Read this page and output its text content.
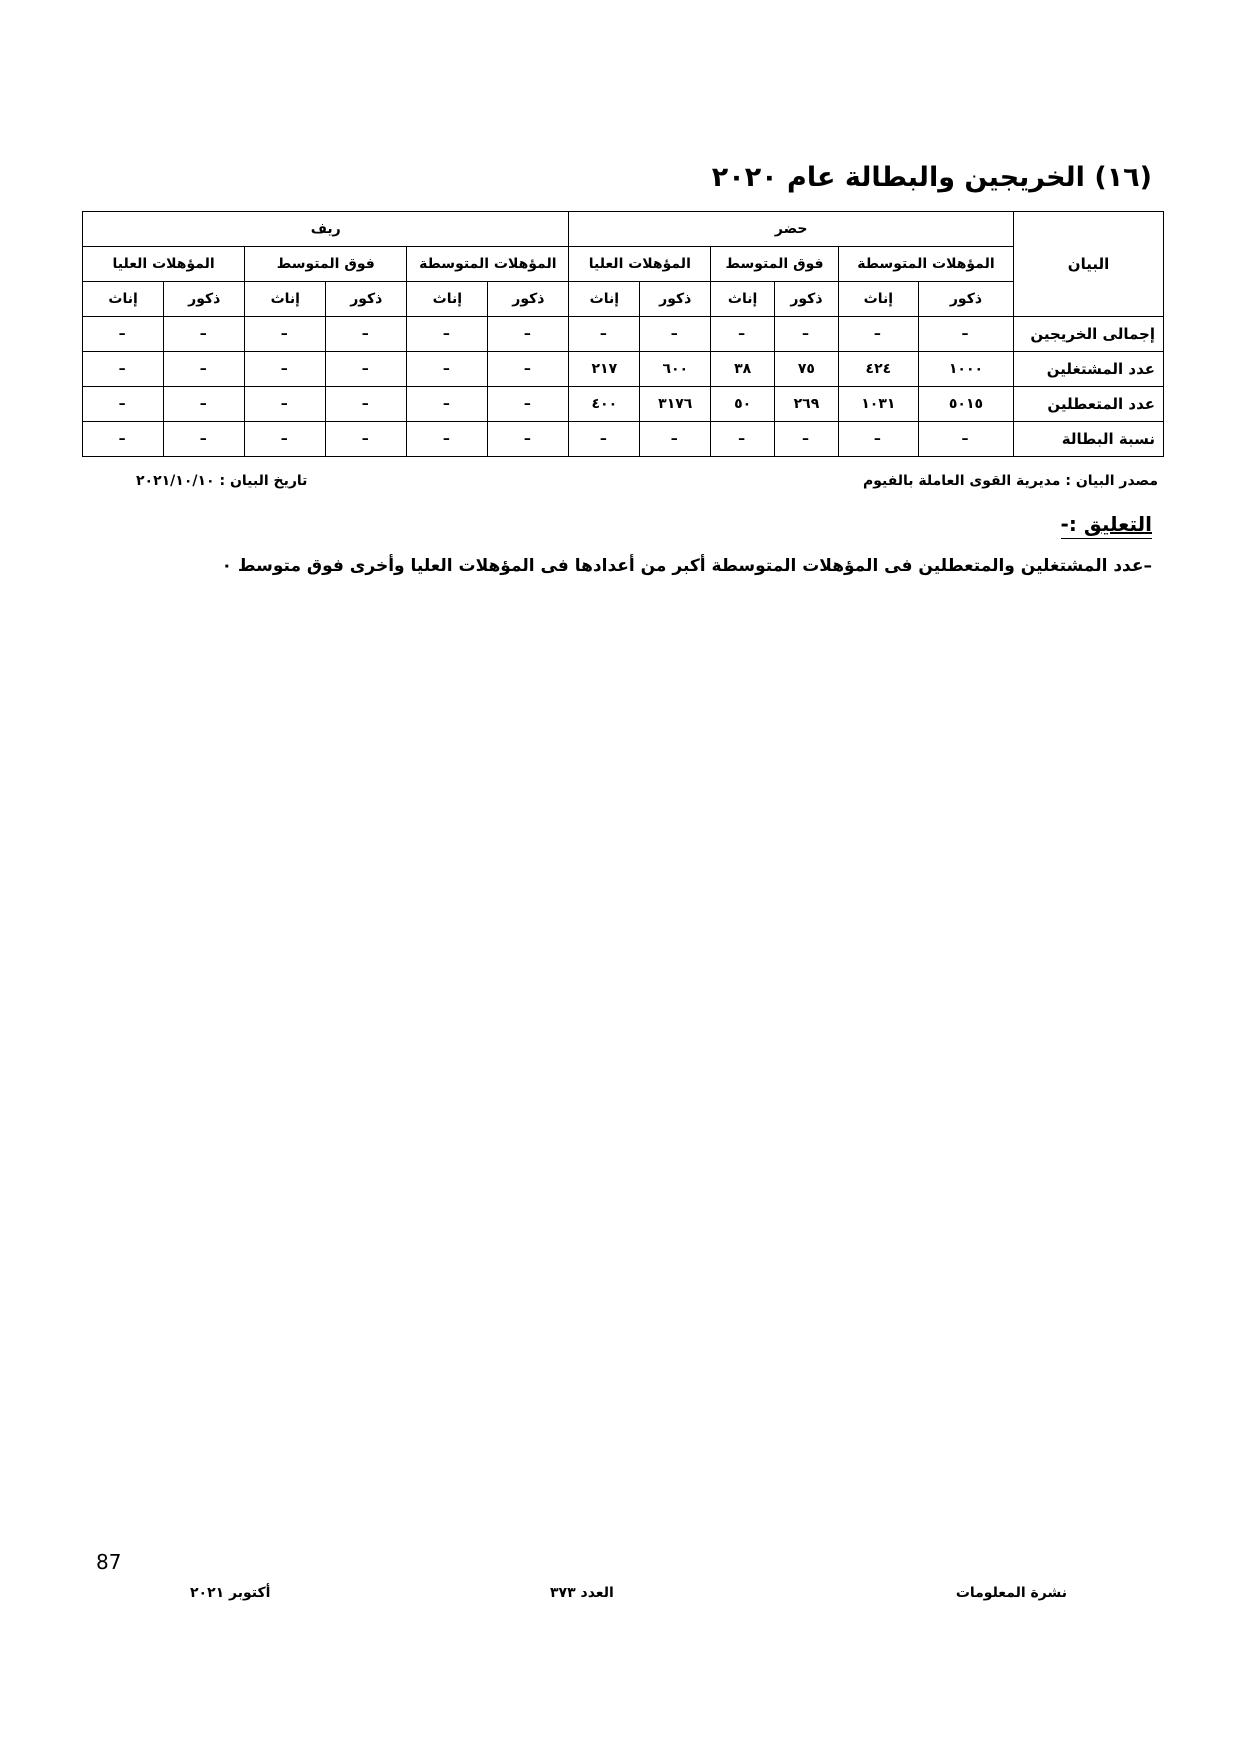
(١٦) الخريجين والبطالة عام ٢٠٢٠
البيان	حضر						ريف					
	المؤهلات المتوسطة		فوق المتوسط		المؤهلات العليا		المؤهلات المتوسطة		فوق المتوسط		المؤهلات العليا	
	ذكور	إناث	ذكور	إناث	ذكور	إناث	ذكور	إناث	ذكور	إناث	ذكور	إناث
إجمالى الخريجين	–	–	–	–	–	–	–	–	–	–	–	–
عدد المشتغلين	١٠٠٠	٤٢٤	٧٥	٣٨	٦٠٠	٢١٧	–	–	–	–	–	–
عدد المتعطلين	٥٠١٥	١٠٣١	٢٦٩	٥٠	٣١٧٦	٤٠٠	–	–	–	–	–	–
نسبة البطالة	–	–	–	–	–	–	–	–	–	–	–	–
مصدر البيان : مديرية القوى العاملة بالفيوم
تاريخ البيان : ٢٠٢١/١٠/١٠
التعليق :-
–عدد المشتغلين والمتعطلين فى المؤهلات المتوسطة أكبر من أعدادها فى المؤهلات العليا وأخرى فوق متوسط ٠
87
نشرة المعلومات
العدد ٣٧٣
أكتوبر ٢٠٢١
